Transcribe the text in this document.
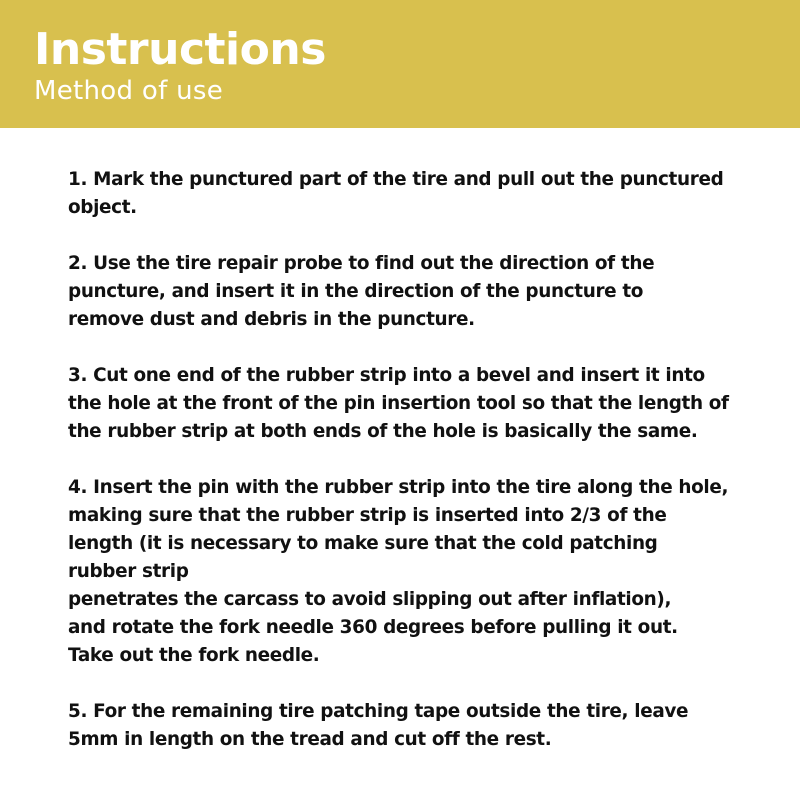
Instructions
Method of use
1. Mark the punctured part of the tire and pull out the punctured
object.
2. Use the tire repair probe to find out the direction of the
puncture, and insert it in the direction of the puncture to
remove dust and debris in the puncture.
3. Cut one end of the rubber strip into a bevel and insert it into
the hole at the front of the pin insertion tool so that the length of
the rubber strip at both ends of the hole is basically the same.
4. Insert the pin with the rubber strip into the tire along the hole,
making sure that the rubber strip is inserted into 2/3 of the
length (it is necessary to make sure that the cold patching
rubber strip
penetrates the carcass to avoid slipping out after inflation),
and rotate the fork needle 360 degrees before pulling it out.
Take out the fork needle.
5. For the remaining tire patching tape outside the tire, leave
5mm in length on the tread and cut off the rest.
